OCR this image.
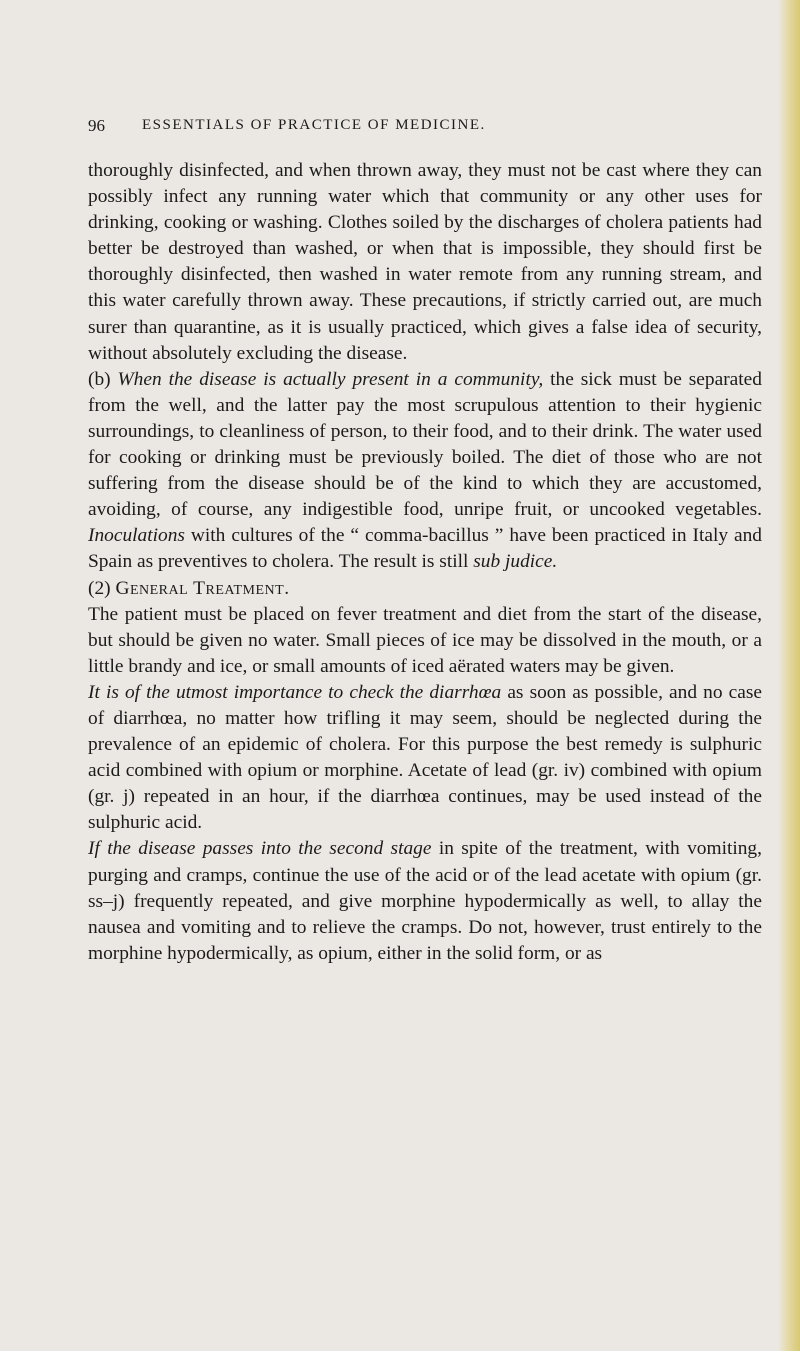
96 ESSENTIALS OF PRACTICE OF MEDICINE.

thoroughly disinfected, and when thrown away, they must not be cast where they can possibly infect any running water which that community or any other uses for drinking, cooking or washing. Clothes soiled by the discharges of cholera patients had better be destroyed than washed, or when that is impossible, they should first be thoroughly disinfected, then washed in water remote from any running stream, and this water carefully thrown away. These precautions, if strictly carried out, are much surer than quarantine, as it is usually practiced, which gives a false idea of security, without absolutely excluding the disease.

(b) When the disease is actually present in a community, the sick must be separated from the well, and the latter pay the most scrupulous attention to their hygienic surroundings, to cleanliness of person, to their food, and to their drink. The water used for cooking or drinking must be previously boiled. The diet of those who are not suffering from the disease should be of the kind to which they are accustomed, avoiding, of course, any indigestible food, unripe fruit, or uncooked vegetables. Inoculations with cultures of the “ comma-bacillus ” have been practiced in Italy and Spain as preventives to cholera. The result is still sub judice.

(2) General Treatment.

The patient must be placed on fever treatment and diet from the start of the disease, but should be given no water. Small pieces of ice may be dissolved in the mouth, or a little brandy and ice, or small amounts of iced aërated waters may be given.

It is of the utmost importance to check the diarrhœa as soon as possible, and no case of diarrhœa, no matter how trifling it may seem, should be neglected during the prevalence of an epidemic of cholera. For this purpose the best remedy is sulphuric acid combined with opium or morphine. Acetate of lead (gr. iv) combined with opium (gr. j) repeated in an hour, if the diarrhœa continues, may be used instead of the sulphuric acid.

If the disease passes into the second stage in spite of the treatment, with vomiting, purging and cramps, continue the use of the acid or of the lead acetate with opium (gr. ss–j) frequently repeated, and give morphine hypodermically as well, to allay the nausea and vomiting and to relieve the cramps. Do not, however, trust entirely to the morphine hypodermically, as opium, either in the solid form, or as
